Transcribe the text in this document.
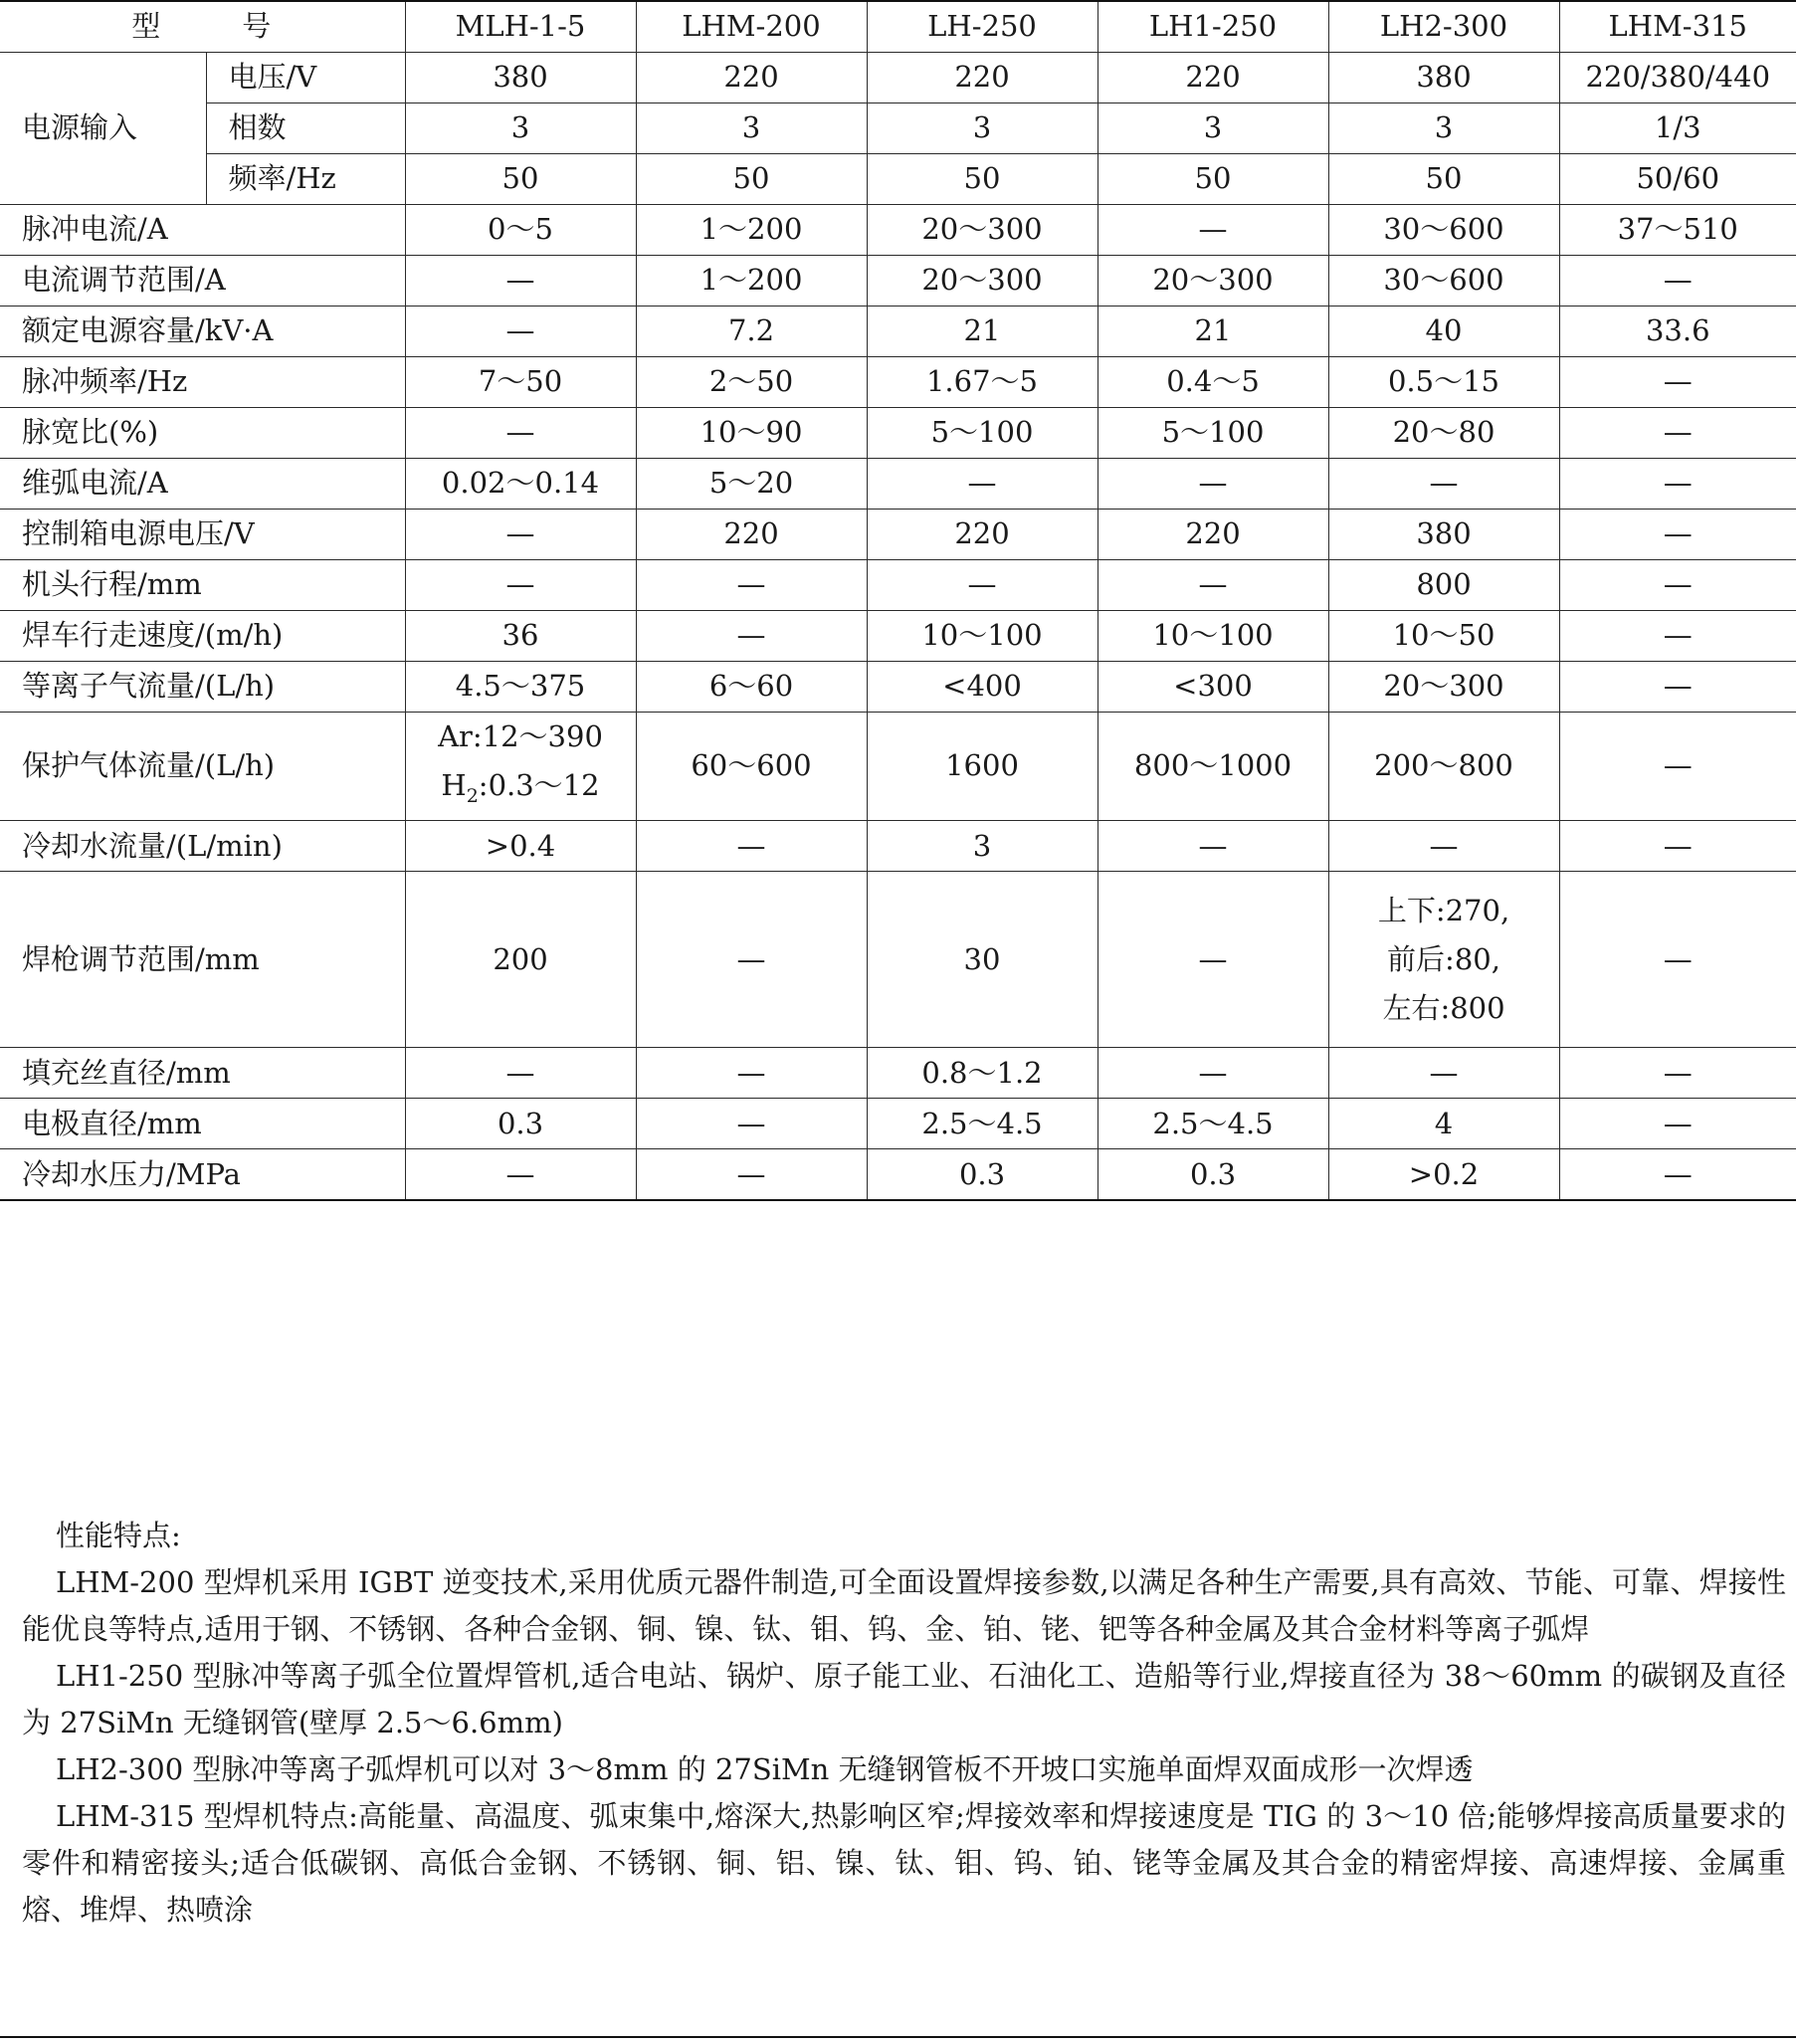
型 号		MLH-1-5	LHM-200	LH-250	LH1-250	LH2-300	LHM-315
电源输入	电压/V	380	220	220	220	380	220/380/440
	相数	3	3	3	3	3	1/3
	频率/Hz	50	50	50	50	50	50/60
脉冲电流/A		0～5	1～200	20～300	—	30～600	37～510
电流调节范围/A		—	1～200	20～300	20～300	30～600	—
额定电源容量/kV·A		—	7.2	21	21	40	33.6
脉冲频率/Hz		7～50	2～50	1.67～5	0.4～5	0.5～15	—
脉宽比(%)		—	10～90	5～100	5～100	20～80	—
维弧电流/A		0.02～0.14	5～20	—	—	—	—
控制箱电源电压/V		—	220	220	220	380	—
机头行程/mm		—	—	—	—	800	—
焊车行走速度/(m/h)		36	—	10～100	10～100	10～50	—
等离子气流量/(L/h)		4.5～375	6～60	<400	<300	20～300	—
保护气体流量/(L/h)		Ar:12～390
$H_2:0.3\sim 12$	60～600	1600	800～1000	200～800	—
冷却水流量/(L/min)		>0.4	—	3	—	—	—
焊枪调节范围/mm		200	—	30	—	上下:270,
前后:80,
左右:800	—
填充丝直径/mm		—	—	0.8～1.2	—	—	—
电极直径/mm		0.3	—	2.5～4.5	2.5～4.5	4	—
冷却水压力/MPa		—	—	0.3	0.3	>0.2	—

性能特点:

LHM-200 型焊机采用 IGBT 逆变技术,采用优质元器件制造,可全面设置焊接参数,以满足各种生产需要,具有高效、节能、可靠、焊接性能优良等特点,适用于钢、不锈钢、各种合金钢、铜、镍、钛、钼、钨、金、铂、铑、钯等各种金属及其合金材料等离子弧焊

LH1-250 型脉冲等离子弧全位置焊管机,适合电站、锅炉、原子能工业、石油化工、造船等行业,焊接直径为 38～60mm 的碳钢及直径为 27SiMn 无缝钢管(壁厚 2.5～6.6mm)

LH2-300 型脉冲等离子弧焊机可以对 3～8mm 的 27SiMn 无缝钢管板不开坡口实施单面焊双面成形一次焊透

LHM-315 型焊机特点:高能量、高温度、弧束集中,熔深大,热影响区窄;焊接效率和焊接速度是 TIG 的 3～10 倍;能够焊接高质量要求的零件和精密接头;适合低碳钢、高低合金钢、不锈钢、铜、铝、镍、钛、钼、钨、铂、铑等金属及其合金的精密焊接、高速焊接、金属重熔、堆焊、热喷涂
